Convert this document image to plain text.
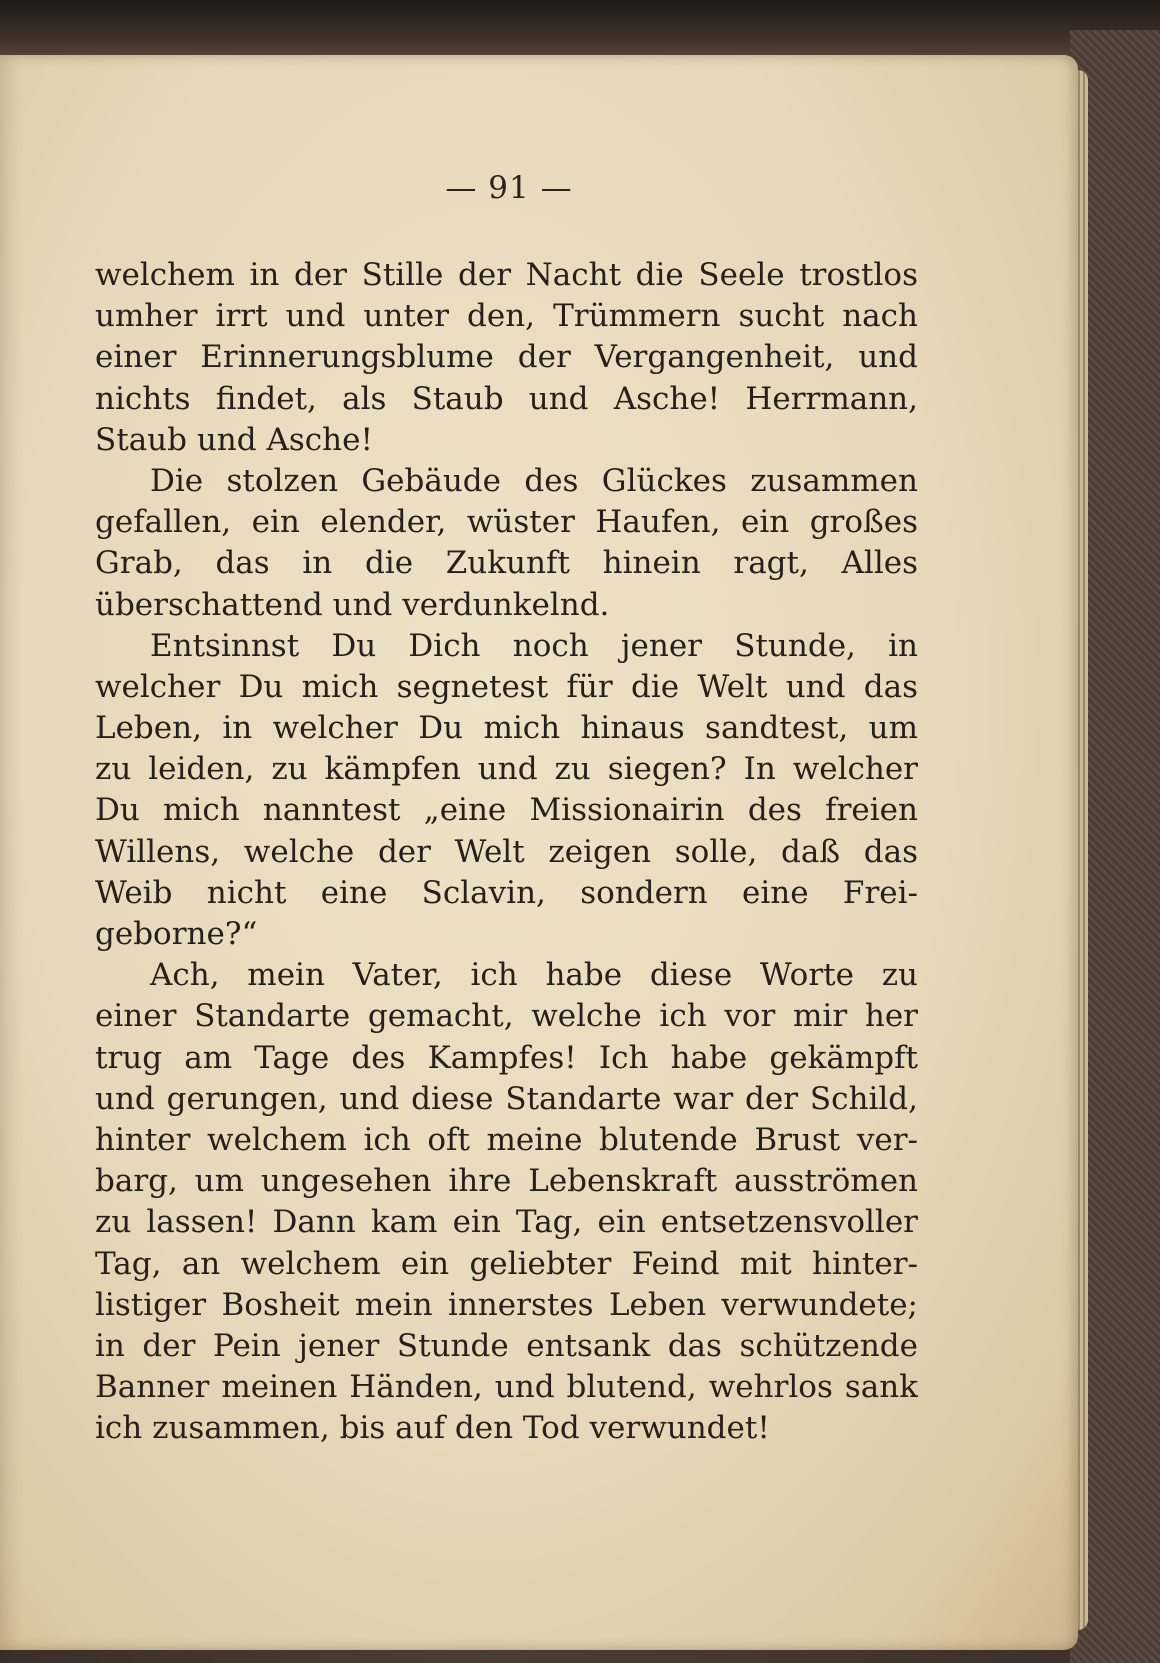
— 91 —
welchem in der Stille der Nacht die Seele trostlos
umher irrt und unter den, Trümmern sucht nach
einer Erinnerungsblume der Vergangenheit, und
nichts findet, als Staub und Asche! Herrmann,
Staub und Asche!
Die stolzen Gebäude des Glückes zusammen
gefallen, ein elender, wüster Haufen, ein großes
Grab, das in die Zukunft hinein ragt, Alles
überschattend und verdunkelnd.
Entsinnst Du Dich noch jener Stunde, in
welcher Du mich segnetest für die Welt und das
Leben, in welcher Du mich hinaus sandtest, um
zu leiden, zu kämpfen und zu siegen? In welcher
Du mich nanntest „eine Missionairin des freien
Willens, welche der Welt zeigen solle, daß das
Weib nicht eine Sclavin, sondern eine Frei-
geborne?“
Ach, mein Vater, ich habe diese Worte zu
einer Standarte gemacht, welche ich vor mir her
trug am Tage des Kampfes! Ich habe gekämpft
und gerungen, und diese Standarte war der Schild,
hinter welchem ich oft meine blutende Brust ver-
barg, um ungesehen ihre Lebenskraft ausströmen
zu lassen! Dann kam ein Tag, ein entsetzensvoller
Tag, an welchem ein geliebter Feind mit hinter-
listiger Bosheit mein innerstes Leben verwundete;
in der Pein jener Stunde entsank das schützende
Banner meinen Händen, und blutend, wehrlos sank
ich zusammen, bis auf den Tod verwundet!
